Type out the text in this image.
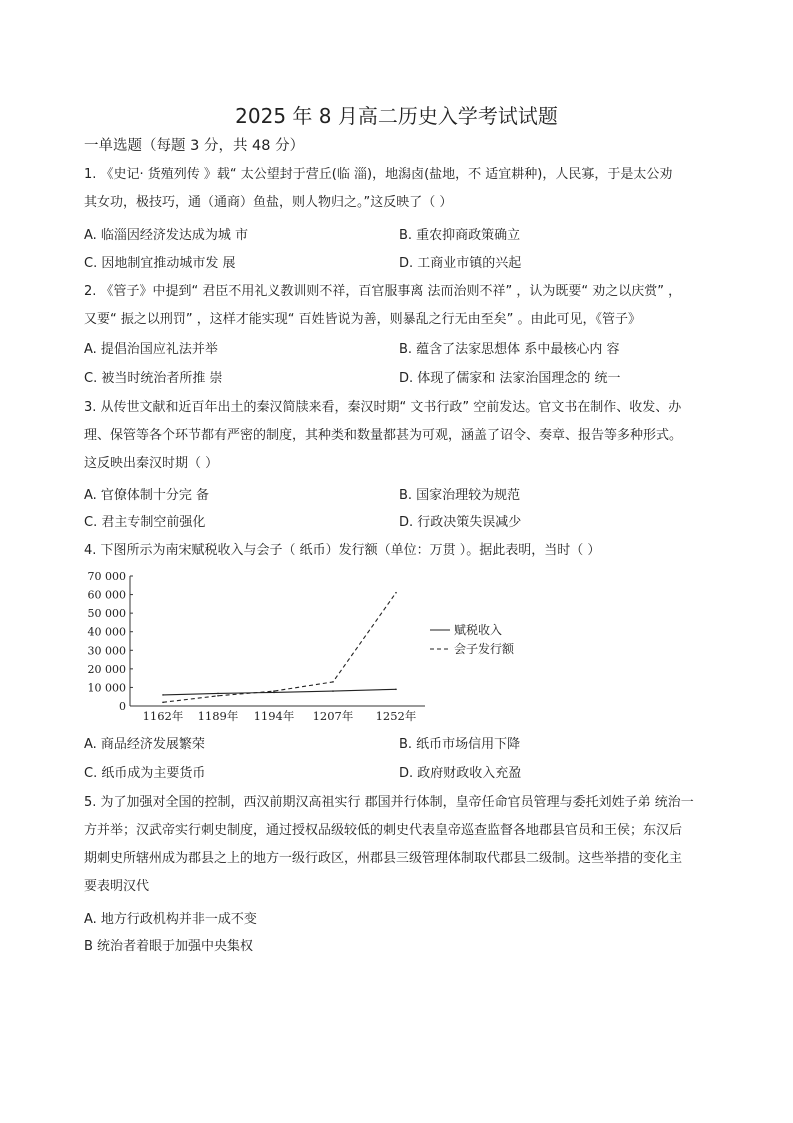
2025 年 8 月高二历史入学考试试题
一单选题（每题 3 分，共 48 分）
1. 《史记· 货殖列传 》载“ 太公望封于营丘(临 淄)，地潟卤(盐地，不 适宜耕种)，人民寡，于是太公劝
其女功，极技巧，通（通商）鱼盐，则人物归之。”这反映了（ ）
A. 临淄因经济发达成为城 市	B. 重农抑商政策确立
C. 因地制宜推动城市发 展	D. 工商业市镇的兴起
2. 《管子》中提到“ 君臣不用礼义教训则不祥，百官服事离 法而治则不祥” ，认为既要“ 劝之以庆赏” ，
又要“ 振之以刑罚” ，这样才能实现“ 百姓皆说为善，则暴乱之行无由至矣” 。由此可见，《管子》
A. 提倡治国应礼法并举	B. 蕴含了法家思想体 系中最核心内 容
C. 被当时统治者所推 崇	D. 体现了儒家和 法家治国理念的 统一
3. 从传世文献和近百年出土的秦汉简牍来看，秦汉时期“ 文书行政” 空前发达。官文书在制作、收发、办
理、保管等各个环节都有严密的制度，其种类和数量都甚为可观，涵盖了诏令、奏章、报告等多种形式。
这反映出秦汉时期（ ）
A. 官僚体制十分完 备	B. 国家治理较为规范
C. 君主专制空前强化	D. 行政决策失误减少
4. 下图所示为南宋赋税收入与会子（ 纸币）发行额（单位：万贯 ）。据此表明，当时（ ）
70 000
60 000
50 000
40 000
30 000
20 000
10 000
0
1162年 1189年 1194年 1207年 1252年
赋税收入
会子发行额
A. 商品经济发展繁荣	B. 纸币市场信用下降
C. 纸币成为主要货币	D. 政府财政收入充盈
5. 为了加强对全国的控制，西汉前期汉高祖实行 郡国并行体制，皇帝任命官员管理与委托刘姓子弟 统治一
方并举；汉武帝实行刺史制度，通过授权品级较低的刺史代表皇帝巡查监督各地郡县官员和王侯；东汉后
期刺史所辖州成为郡县之上的地方一级行政区，州郡县三级管理体制取代郡县二级制。这些举措的变化主
要表明汉代
A. 地方行政机构并非一成不变
B 统治者着眼于加强中央集权
